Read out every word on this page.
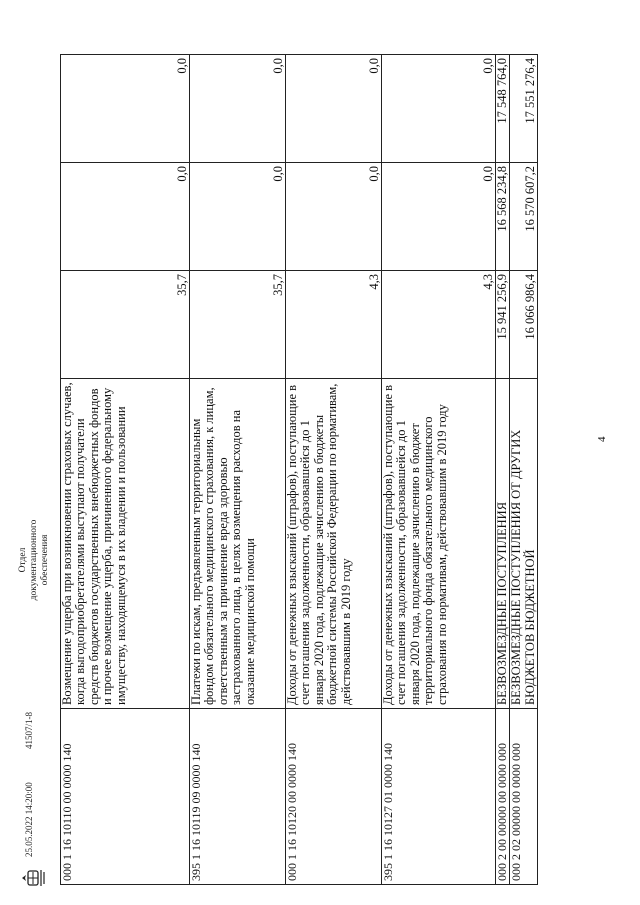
4
000 1 16 10110 00 0000 140	Возмещение ущерба при возникновении страховых случаев, когда выгодоприобретателями выступают получатели средств бюджетов государственных внебюджетных фондов и прочее возмещение ущерба, причиненного федеральному имуществу, находящемуся в их владении и пользовании	35,7	0,0	0,0
395 1 16 10119 09 0000 140	Платежи по искам, предъявленным территориальным фондом обязательного медицинского страхования, к лицам, ответственным за причинение вреда здоровью застрахованного лица, в целях возмещения расходов на оказание медицинской помощи	35,7	0,0	0,0
000 1 16 10120 00 0000 140	Доходы от денежных взысканий (штрафов), поступающие в счет погашения задолженности, образовавшейся до 1 января 2020 года, подлежащие зачислению в бюджеты бюджетной системы Российской Федерации по нормативам, действовавшим в 2019 году	4,3	0,0	0,0
395 1 16 10127 01 0000 140	Доходы от денежных взысканий (штрафов), поступающие в счет погашения задолженности, образовавшейся до 1 января 2020 года, подлежащие зачислению в бюджет территориального фонда обязательного медицинского страхования по нормативам, действовавшим в 2019 году	4,3	0,0	0,0
000 2 00 00000 00 0000 000	БЕЗВОЗМЕЗДНЫЕ ПОСТУПЛЕНИЯ	15 941 256,9	16 568 234,8	17 548 764,0
000 2 02 00000 00 0000 000	БЕЗВОЗМЕЗДНЫЕ ПОСТУПЛЕНИЯ ОТ ДРУГИХ БЮДЖЕТОВ БЮДЖЕТНОЙ	16 066 986,4	16 570 607,2	17 551 276,4
25.05.2022 14:20:00
41507/1-8
Отдел документационного обеспечения
